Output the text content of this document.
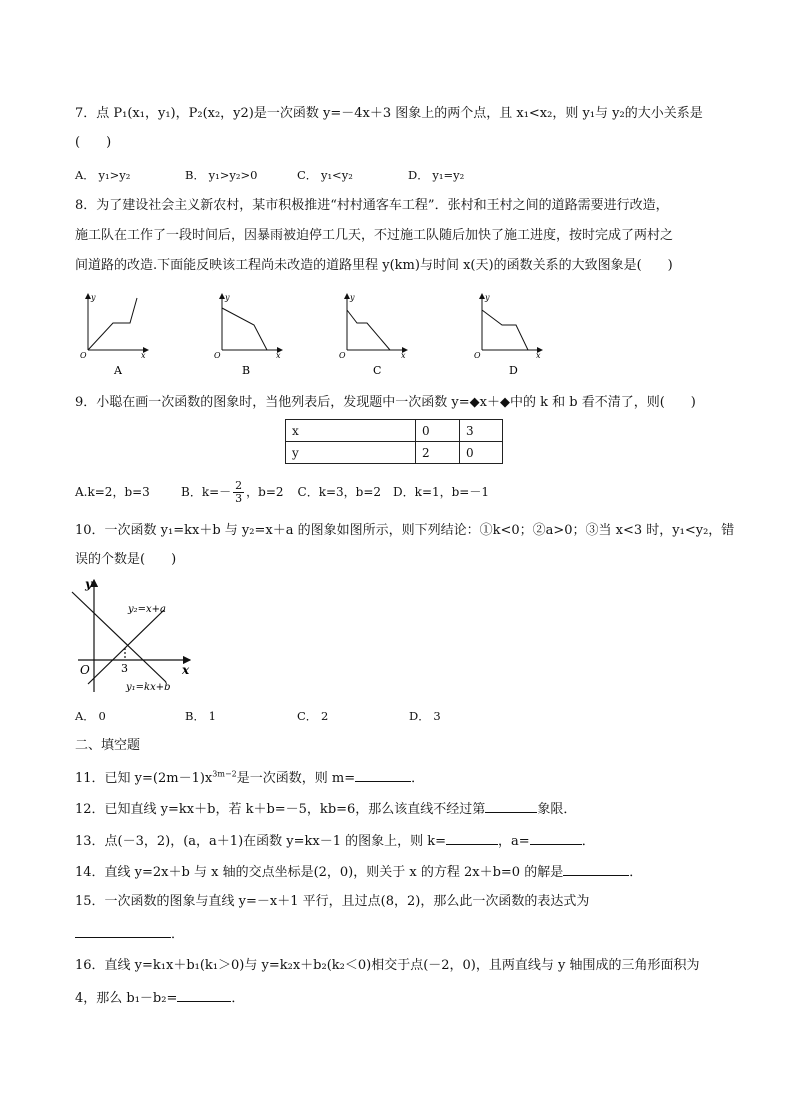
7．点 P₁(x₁，y₁)，P₂(x₂，y2)是一次函数 y=－4x＋3 图象上的两个点，且 x₁<x₂，则 y₁与 y₂的大小关系是
(　　)
A． y₁>y₂	B． y₁>y₂>0	C． y₁<y₂	D． y₁=y₂
8．为了建设社会主义新农村，某市积极推进“村村通客车工程”．张村和王村之间的道路需要进行改造，
施工队在工作了一段时间后，因暴雨被迫停工几天，不过施工队随后加快了施工进度，按时完成了两村之
间道路的改造.下面能反映该工程尚未改造的道路里程 y(km)与时间 x(天)的函数关系的大致图象是(　　)
y
x
O
A
y
x
O
B
y
x
O
C
y
x
O
D
9．小聪在画一次函数的图象时，当他列表后，发现题中一次函数 y=◆x＋◆中的 k 和 b 看不清了，则(　　)
x	0	3
y	2	0
A.k=2，b=3	B．$k=- \frac{2}{3}$ ，b=2 C．k=3，b=2 D．k=1，b=－1
10．一次函数 y₁=kx＋b 与 y₂=x＋a 的图象如图所示，则下列结论：①k<0；②a>0；③当 x<3 时，y₁<y₂，错
误的个数是(　　)
y
x
O	3
y₂=x+a
y₁=kx+b
A． 0	B． 1	C． 2	D． 3
二、填空题
11．已知 $y=(2m-1)x^{3m-2}$是一次函数，则 m=	．
12．已知直线 y=kx＋b，若 k＋b=－5，kb=6，那么该直线不经过第	象限．
13．点(－3，2)，(a，a＋1)在函数 y=kx－1 的图象上，则 k=	，a=	．
14．直线 y=2x＋b 与 x 轴的交点坐标是(2，0)，则关于 x 的方程 2x＋b=0 的解是	．
15．一次函数的图象与直线 y=－x＋1 平行，且过点(8，2)，那么此一次函数的表达式为
．
16．直线 y=k₁x＋b₁(k₁＞0)与 y=k₂x＋b₂(k₂＜0)相交于点(－2，0)，且两直线与 y 轴围成的三角形面积为
4，那么 b₁－b₂=	．
